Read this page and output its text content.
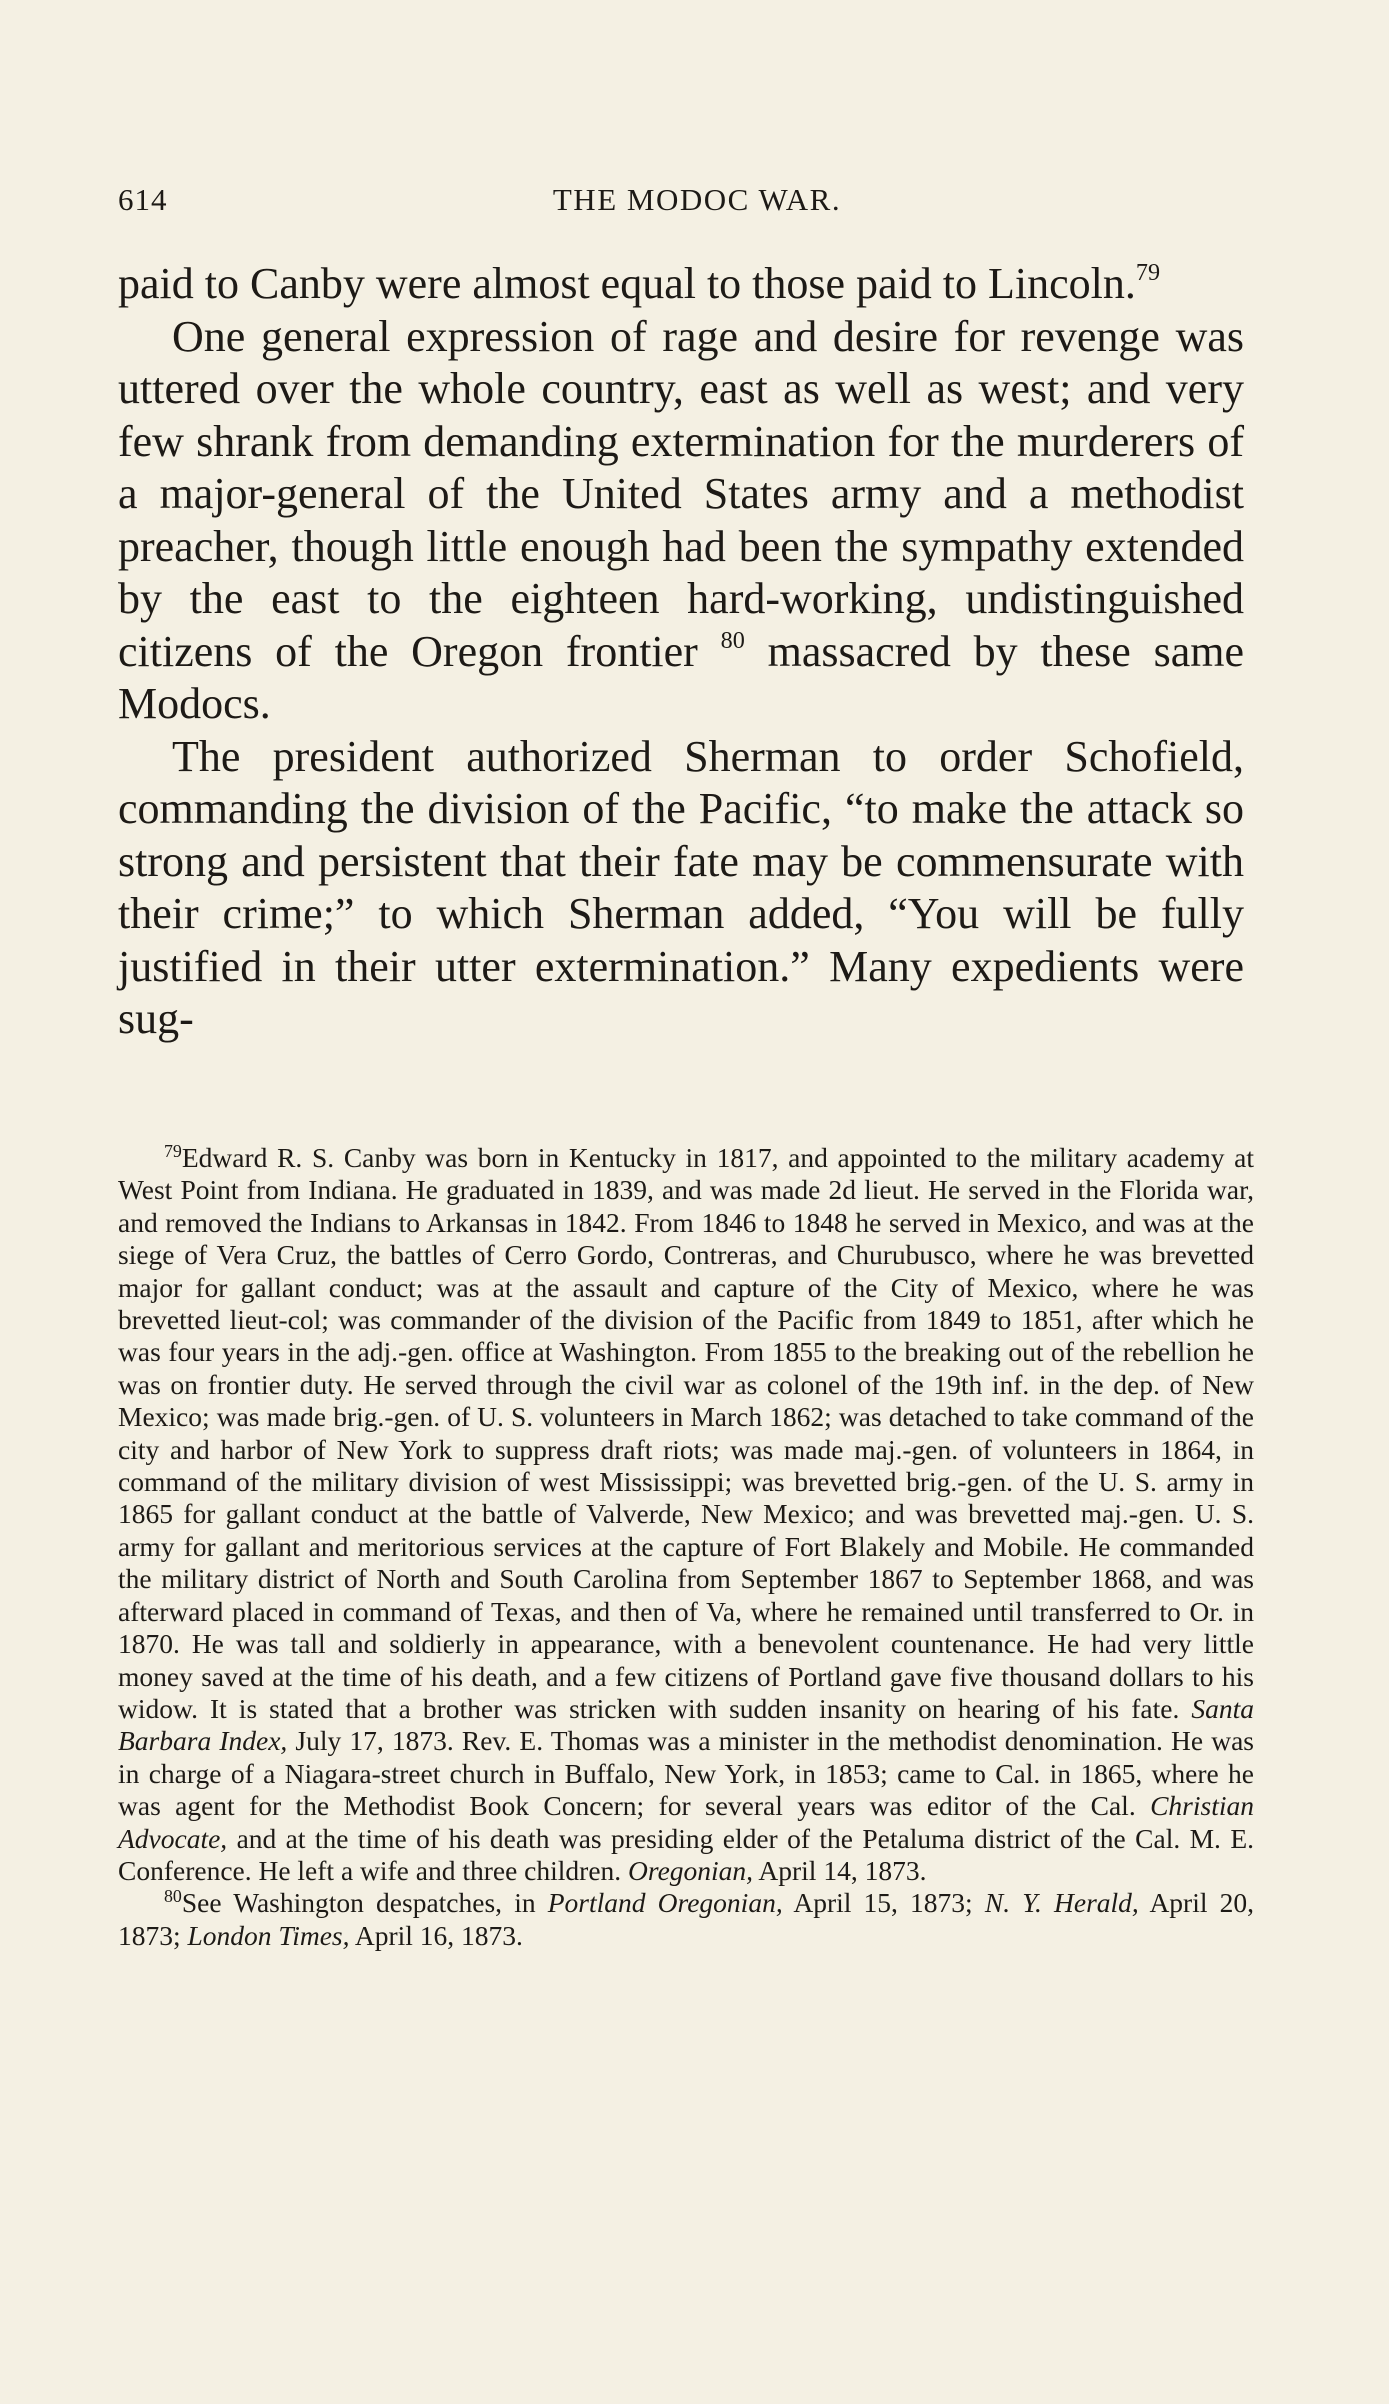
614	THE MODOC WAR.

paid to Canby were almost equal to those paid to Lincoln.$^{79}$

One general expression of rage and desire for revenge was uttered over the whole country, east as well as west; and very few shrank from demanding extermination for the murderers of a major-general of the United States army and a methodist preacher, though little enough had been the sympathy extended by the east to the eighteen hard-working, undistinguished citizens of the Oregon frontier $^{80}$ massacred by these same Modocs.

The president authorized Sherman to order Schofield, commanding the division of the Pacific, “to make the attack so strong and persistent that their fate may be commensurate with their crime;” to which Sherman added, “You will be fully justified in their utter extermination.” Many expedients were sug-

$^{79}$Edward R. S. Canby was born in Kentucky in 1817, and appointed to the military academy at West Point from Indiana. He graduated in 1839, and was made 2d lieut. He served in the Florida war, and removed the Indians to Arkansas in 1842. From 1846 to 1848 he served in Mexico, and was at the siege of Vera Cruz, the battles of Cerro Gordo, Contreras, and Churubusco, where he was brevetted major for gallant conduct; was at the assault and capture of the City of Mexico, where he was brevetted lieut-col; was commander of the division of the Pacific from 1849 to 1851, after which he was four years in the adj.-gen. office at Washington. From 1855 to the breaking out of the rebellion he was on frontier duty. He served through the civil war as colonel of the 19th inf. in the dep. of New Mexico; was made brig.-gen. of U. S. volunteers in March 1862; was detached to take command of the city and harbor of New York to suppress draft riots; was made maj.-gen. of volunteers in 1864, in command of the military division of west Mississippi; was brevetted brig.-gen. of the U. S. army in 1865 for gallant conduct at the battle of Valverde, New Mexico; and was brevetted maj.-gen. U. S. army for gallant and meritorious services at the capture of Fort Blakely and Mobile. He commanded the military district of North and South Carolina from September 1867 to September 1868, and was afterward placed in command of Texas, and then of Va, where he remained until transferred to Or. in 1870. He was tall and soldierly in appearance, with a benevolent countenance. He had very little money saved at the time of his death, and a few citizens of Portland gave five thousand dollars to his widow. It is stated that a brother was stricken with sudden insanity on hearing of his fate. Santa Barbara Index, July 17, 1873. Rev. E. Thomas was a minister in the methodist denomination. He was in charge of a Niagara-street church in Buffalo, New York, in 1853; came to Cal. in 1865, where he was agent for the Methodist Book Concern; for several years was editor of the Cal. Christian Advocate, and at the time of his death was presiding elder of the Petaluma district of the Cal. M. E. Conference. He left a wife and three children. Oregonian, April 14, 1873.

$^{80}$See Washington despatches, in Portland Oregonian, April 15, 1873; N. Y. Herald, April 20, 1873; London Times, April 16, 1873.
